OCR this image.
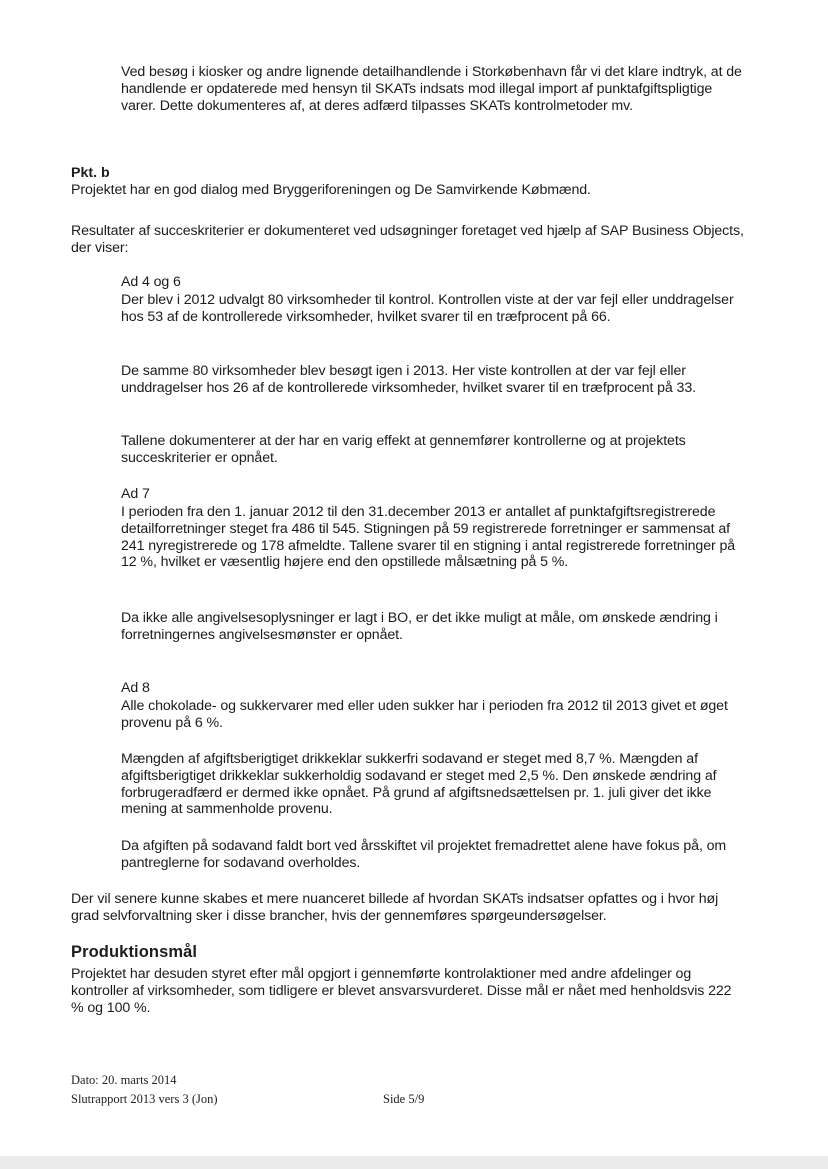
Ved besøg i kiosker og andre lignende detailhandlende i Storkøbenhavn får vi det klare indtryk, at de handlende er opdaterede med hensyn til SKATs indsats mod illegal import af punktafgiftspligtige varer. Dette dokumenteres af, at deres adfærd tilpasses SKATs kontrolmetoder mv.

Pkt. b

Projektet har en god dialog med Bryggeriforeningen og De Samvirkende Købmænd.

Resultater af succeskriterier er dokumenteret ved udsøgninger foretaget ved hjælp af SAP Business Objects, der viser:

Ad 4 og 6

Der blev i 2012 udvalgt 80 virksomheder til kontrol. Kontrollen viste at der var fejl eller unddragelser hos 53 af de kontrollerede virksomheder, hvilket svarer til en træfprocent på 66.

De samme 80 virksomheder blev besøgt igen i 2013. Her viste kontrollen at der var fejl eller unddragelser hos 26 af de kontrollerede virksomheder, hvilket svarer til en træfprocent på 33.

Tallene dokumenterer at der har en varig effekt at gennemfører kontrollerne og at projektets succeskriterier er opnået.

Ad 7

I perioden fra den 1. januar 2012 til den 31.december 2013 er antallet af punktafgiftsregistrerede detailforretninger steget fra 486 til 545. Stigningen på 59 registrerede forretninger er sammensat af 241 nyregistrerede og 178 afmeldte. Tallene svarer til en stigning i antal registrerede forretninger på 12 %, hvilket er væsentlig højere end den opstillede målsætning på 5 %.

Da ikke alle angivelsesoplysninger er lagt i BO, er det ikke muligt at måle, om ønskede ændring i forretningernes angivelsesmønster er opnået.

Ad 8

Alle chokolade- og sukkervarer med eller uden sukker har i perioden fra 2012 til 2013 givet et øget provenu på 6 %.

Mængden af afgiftsberigtiget drikkeklar sukkerfri sodavand er steget med 8,7 %. Mængden af afgiftsberigtiget drikkeklar sukkerholdig sodavand er steget med 2,5 %. Den ønskede ændring af forbrugeradfærd er dermed ikke opnået. På grund af afgiftsnedsættelsen pr. 1. juli giver det ikke mening at sammenholde provenu.

Da afgiften på sodavand faldt bort ved årsskiftet vil projektet fremadrettet alene have fokus på, om pantreglerne for sodavand overholdes.

Der vil senere kunne skabes et mere nuanceret billede af hvordan SKATs indsatser opfattes og i hvor høj grad selvforvaltning sker i disse brancher, hvis der gennemføres spørgeundersøgelser.

Produktionsmål

Projektet har desuden styret efter mål opgjort i gennemførte kontrolaktioner med andre afdelinger og kontroller af virksomheder, som tidligere er blevet ansvarsvurderet. Disse mål er nået med henholdsvis 222 % og 100 %.

Dato: 20. marts 2014

Slutrapport 2013 vers 3 (Jon)	Side 5/9
